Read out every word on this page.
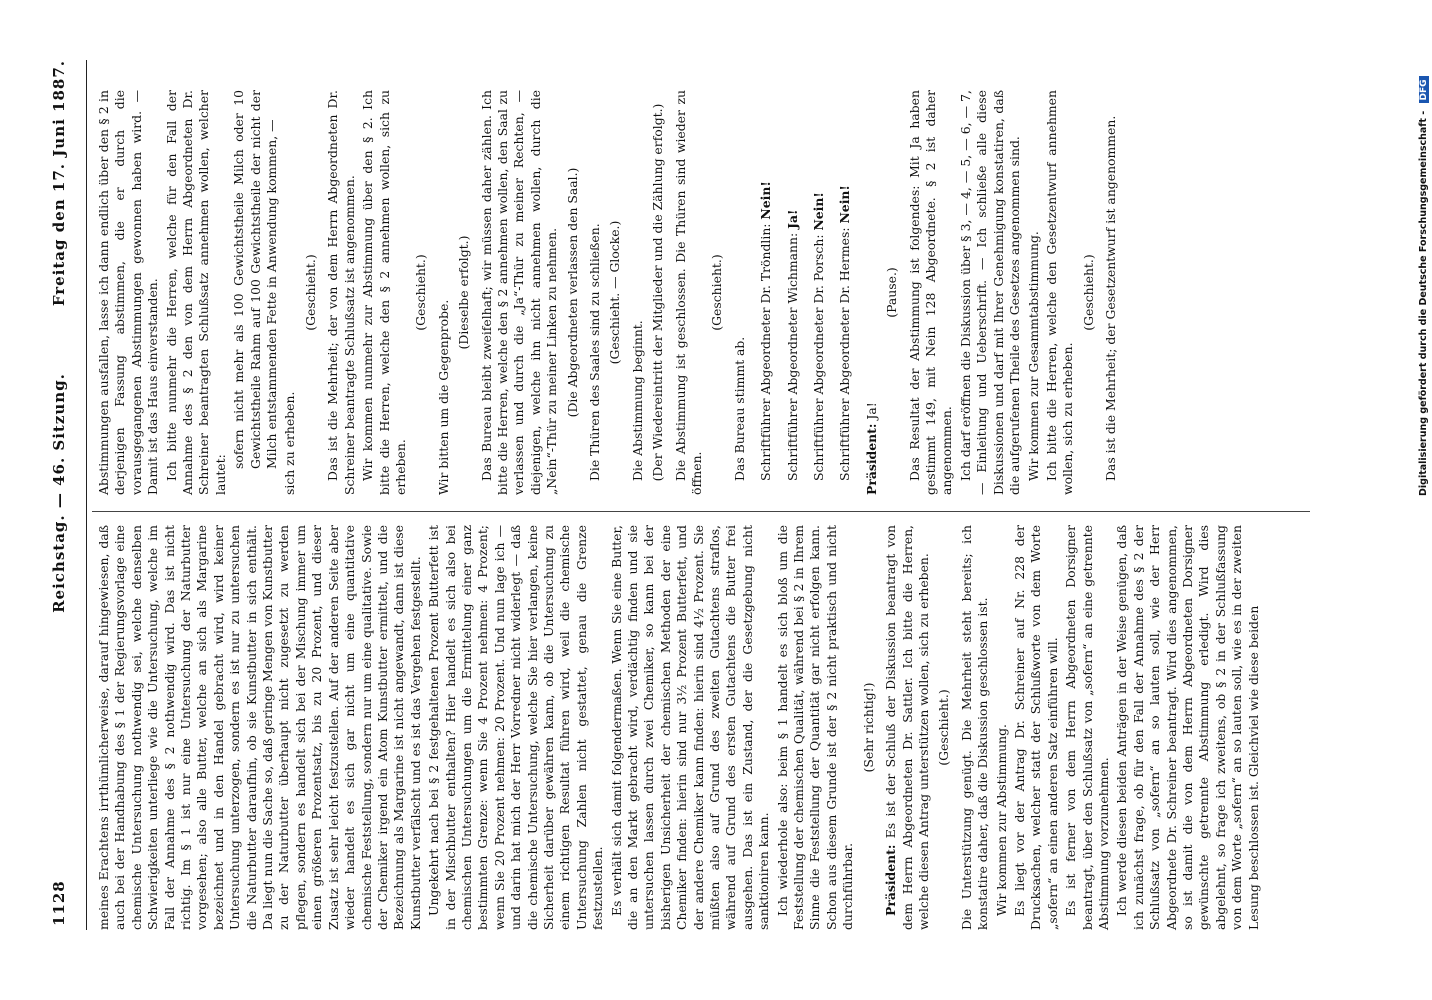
1128
Reichstag. — 46. Sitzung.
Freitag den 17. Juni 1887.

meines Erachtens irrthümlicherweise, darauf hingewiesen, daß auch bei der Handhabung des § 1 der Regierungsvorlage eine chemische Untersuchung nothwendig sei, welche denselben Schwierigkeiten unterliege wie die Untersuchung, welche im Fall der Annahme des § 2 nothwendig wird. Das ist nicht richtig. Im § 1 ist nur eine Untersuchung der Naturbutter vorgesehen; also alle Butter, welche an sich als Margarine bezeichnet und in den Handel gebracht wird, wird keiner Untersuchung unterzogen, sondern es ist nur zu untersuchen die Naturbutter daraufhin, ob sie Kunstbutter in sich enthält. Da liegt nun die Sache so, daß geringe Mengen von Kunstbutter zu der Naturbutter überhaupt nicht zugesetzt zu werden pflegen, sondern es handelt sich bei der Mischung immer um einen größeren Prozentsatz, bis zu 20 Prozent, und dieser Zusatz ist sehr leicht festzustellen. Auf der anderen Seite aber wieder handelt es sich gar nicht um eine quantitative chemische Feststellung, sondern nur um eine qualitative. Sowie der Chemiker irgend ein Atom Kunstbutter ermittelt, und die Bezeichnung als Margarine ist nicht angewandt, dann ist diese Kunstbutter verfälscht und es ist das Vergehen festgestellt. Ungekehrt nach bei § 2 festgehaltenen Prozent Butterfett ist in der Mischbutter enthalten? Hier handelt es sich also bei chemischen Untersuchungen um die Ermittelung einer ganz bestimmten Grenze: wenn Sie 4 Prozent nehmen: 4 Prozent; wenn Sie 20 Prozent nehmen: 20 Prozent. Und nun lage ich — und darin hat mich der Herr Vorredner nicht widerlegt — daß die chemische Untersuchung, welche Sie hier verlangen, keine Sicherheit darüber gewähren kann, ob die Untersuchung zu einem richtigen Resultat führen wird, weil die chemische Untersuchung Zahlen nicht gestattet, genau die Grenze festzustellen. Es verhält sich damit folgendermaßen. Wenn Sie eine Butter, die an den Markt gebracht wird, verdächtig finden und sie untersuchen lassen durch zwei Chemiker, so kann bei der bisherigen Unsicherheit der chemischen Methoden der eine Chemiker finden: hierin sind nur 3½ Prozent Butterfett, und der andere Chemiker kann finden: hierin sind 4½ Prozent. Sie müßten also auf Grund des zweiten Gutachtens straflos, während auf Grund des ersten Gutachtens die Butter frei ausgehen. Das ist ein Zustand, der die Gesetzgebung nicht sanktioniren kann. Ich wiederhole also: beim § 1 handelt es sich bloß um die Feststellung der chemischen Qualität, während bei § 2 in Ihrem Sinne die Feststellung der Quantität gar nicht erfolgen kann. Schon aus diesem Grunde ist der § 2 nicht praktisch und nicht durchführbar.

(Sehr richtig!)

Präsident: Es ist der Schluß der Diskussion beantragt von dem Herrn Abgeordneten Dr. Sattler. Ich bitte die Herren, welche diesen Antrag unterstützen wollen, sich zu erheben. (Geschieht.) Die Unterstützung genügt. Die Mehrheit steht bereits; ich konstatire daher, daß die Diskussion geschlossen ist. Wir kommen zur Abstimmung. Es liegt vor der Antrag Dr. Schreiner auf Nr. 228 der Drucksachen, welcher statt der Schlußworte von dem Worte „sofern“ an einen anderen Satz einführen will. Es ist ferner von dem Herrn Abgeordneten Dorsigner beantragt, über den Schlußsatz von „sofern“ an eine getrennte Abstimmung vorzunehmen. Ich werde diesen beiden Anträgen in der Weise genügen, daß ich zunächst frage, ob für den Fall der Annahme des § 2 der Schlußsatz von „sofern“ an so lauten soll, wie der Herr Abgeordnete Dr. Schreiner beantragt. Wird dies angenommen, so ist damit die von dem Herrn Abgeordneten Dorsigner gewünschte getrennte Abstimmung erledigt. Wird dies abgelehnt, so frage ich zweitens, ob § 2 in der Schlußfassung von dem Worte „sofern“ an so lauten soll, wie es in der zweiten Lesung beschlossen ist. Gleichviel wie diese beiden

Abstimmungen ausfallen, lasse ich dann endlich über den § 2 in derjenigen Fassung abstimmen, die er durch die vorausgegangenen Abstimmungen gewonnen haben wird. — Damit ist das Haus einverstanden. Ich bitte nunmehr die Herren, welche für den Fall der Annahme des § 2 den von dem Herrn Abgeordneten Dr. Schreiner beantragten Schlußsatz annehmen wollen, welcher lautet:

sofern nicht mehr als 100 Gewichtstheile Milch oder 10 Gewichtstheile Rahm auf 100 Gewichtstheile der nicht der Milch entstammenden Fette in Anwendung kommen, — sich zu erheben.

(Geschieht.) Das ist die Mehrheit; der von dem Herrn Abgeordneten Dr. Schreiner beantragte Schlußsatz ist angenommen. Wir kommen nunmehr zur Abstimmung über den § 2. Ich bitte die Herren, welche den § 2 annehmen wollen, sich zu erheben.

(Geschieht.)

Wir bitten um die Gegenprobe.

(Dieselbe erfolgt.) Das Bureau bleibt zweifelhaft; wir müssen daher zählen. Ich bitte die Herren, welche den § 2 annehmen wollen, den Saal zu verlassen und durch die „Ja“-Thür zu meiner Rechten, — diejenigen, welche ihn nicht annehmen wollen, durch die „Nein“-Thür zu meiner Linken zu nehmen. (Die Abgeordneten verlassen den Saal.) Die Thüren des Saales sind zu schließen. (Geschieht. — Glocke.)

Die Abstimmung beginnt. (Der Wiedereintritt der Mitglieder und die Zählung erfolgt.) Die Abstimmung ist geschlossen. Die Thüren sind wieder zu öffnen.

(Geschieht.)

Das Bureau stimmt ab. Schriftführer Abgeordneter Dr. Tröndlin: Nein!

Schriftführer Abgeordneter Wichmann: Ja!

Schriftführer Abgeordneter Dr. Porsch: Nein!

Schriftführer Abgeordneter Dr. Hermes: Nein!

Präsident: Ja!

(Pause.) Das Resultat der Abstimmung ist folgendes: Mit Ja haben gestimmt 149, mit Nein 128 Abgeordnete. § 2 ist daher angenommen. Ich darf eröffnen die Diskussion über § 3, — 4, — 5, — 6, — 7, — Einleitung und Ueberschrift. — Ich schließe alle diese Diskussionen und darf mit Ihrer Genehmigung konstatiren, daß die aufgerufenen Theile des Gesetzes angenommen sind. Wir kommen zur Gesammtabstimmung. Ich bitte die Herren, welche den Gesetzentwurf annehmen wollen, sich zu erheben.

(Geschieht.) Das ist die Mehrheit; der Gesetzentwurf ist angenommen.	Digitalisierung gefördert durch die Deutsche Forschungsgemeinschaft - DFG
